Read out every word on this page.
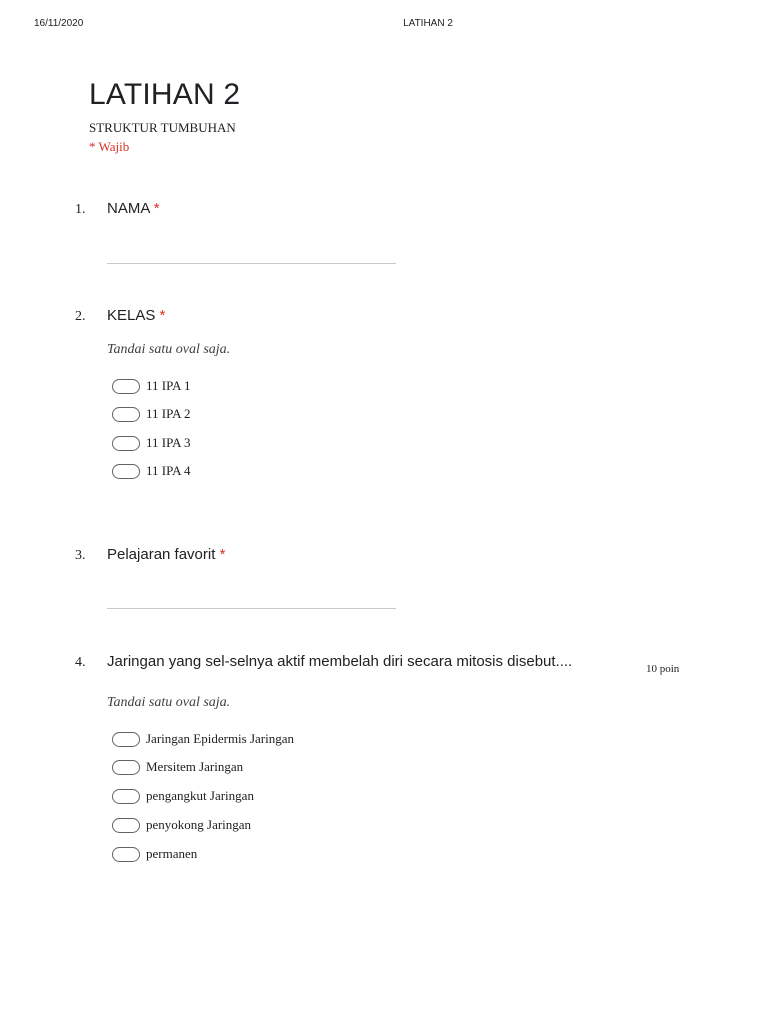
16/11/2020	LATIHAN 2
LATIHAN 2
STRUKTUR TUMBUHAN
* Wajib
1. NAMA *
2. KELAS *
Tandai satu oval saja.
11 IPA 1
11 IPA 2
11 IPA 3
11 IPA 4
3. Pelajaran favorit *
4. Jaringan yang sel-selnya aktif membelah diri secara mitosis disebut....	10 poin
Tandai satu oval saja.
Jaringan Epidermis Jaringan
Mersitem Jaringan
pengangkut Jaringan
penyokong Jaringan
permanen
